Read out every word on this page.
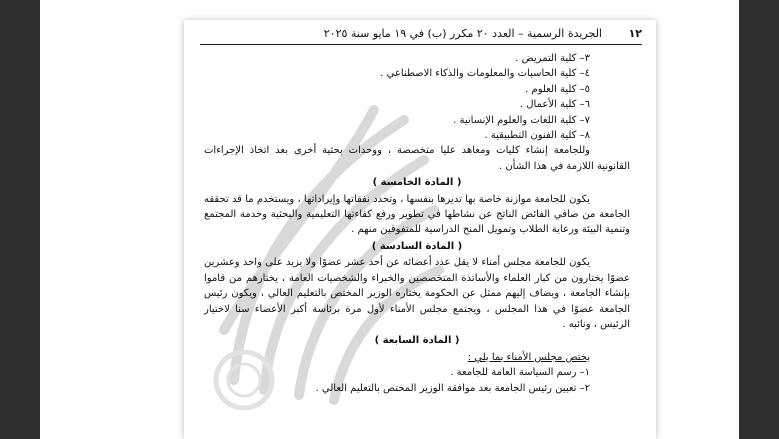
١٢
الجريدة الرسمية – العدد ٢٠ مكرر (ب) في ١٩ مايو سنة ٢٠٢٥

٣– كلية التمريض .

٤– كلية الحاسبات والمعلومات والذكاء الاصطناعي .

٥– كلية العلوم .

٦– كلية الأعمال .

٧– كلية اللغات والعلوم الإنسانية .

٨– كلية الفنون التطبيقية .

وللجامعة إنشاء كليات ومعاهد عليا متخصصة ، ووحدات بحثية أخرى بعد اتخاذ الإجراءات القانونية اللازمة في هذا الشأن .

( المادة الخامسة )

يكون للجامعة موازنة خاصة بها تديرها بنفسها ، وتحدد نفقاتها وإيراداتها ، ويستخدم ما قد تحققه الجامعة من صافي الفائض الناتج عن نشاطها في تطوير ورفع كفاءتها التعليمية والبحثية وخدمة المجتمع وتنمية البيئة ورعاية الطلاب وتمويل المنح الدراسية للمتفوقين منهم .

( المادة السادسة )

يكون للجامعة مجلس أمناء لا يقل عدد أعضائه عن أحد عشر عضوًا ولا يزيد على واحد وعشرين عضوًا يختارون من كبار العلماء والأساتذة المتخصصين والخبراء والشخصيات العامة ، يختارهم من قاموا بإنشاء الجامعة ، ويضاف إليهم ممثل عن الحكومة يختاره الوزير المختص بالتعليم العالي ، ويكون رئيس الجامعة عضوًا في هذا المجلس ، ويجتمع مجلس الأمناء لأول مرة برئاسة أكبر الأعضاء سنا لاختيار الرئيس ، ونائبه .

( المادة السابعة )

يختص مجلس الأمناء بما يلي :

١– رسم السياسة العامة للجامعة .

٢– تعيين رئيس الجامعة بعد موافقة الوزير المختص بالتعليم العالي .
